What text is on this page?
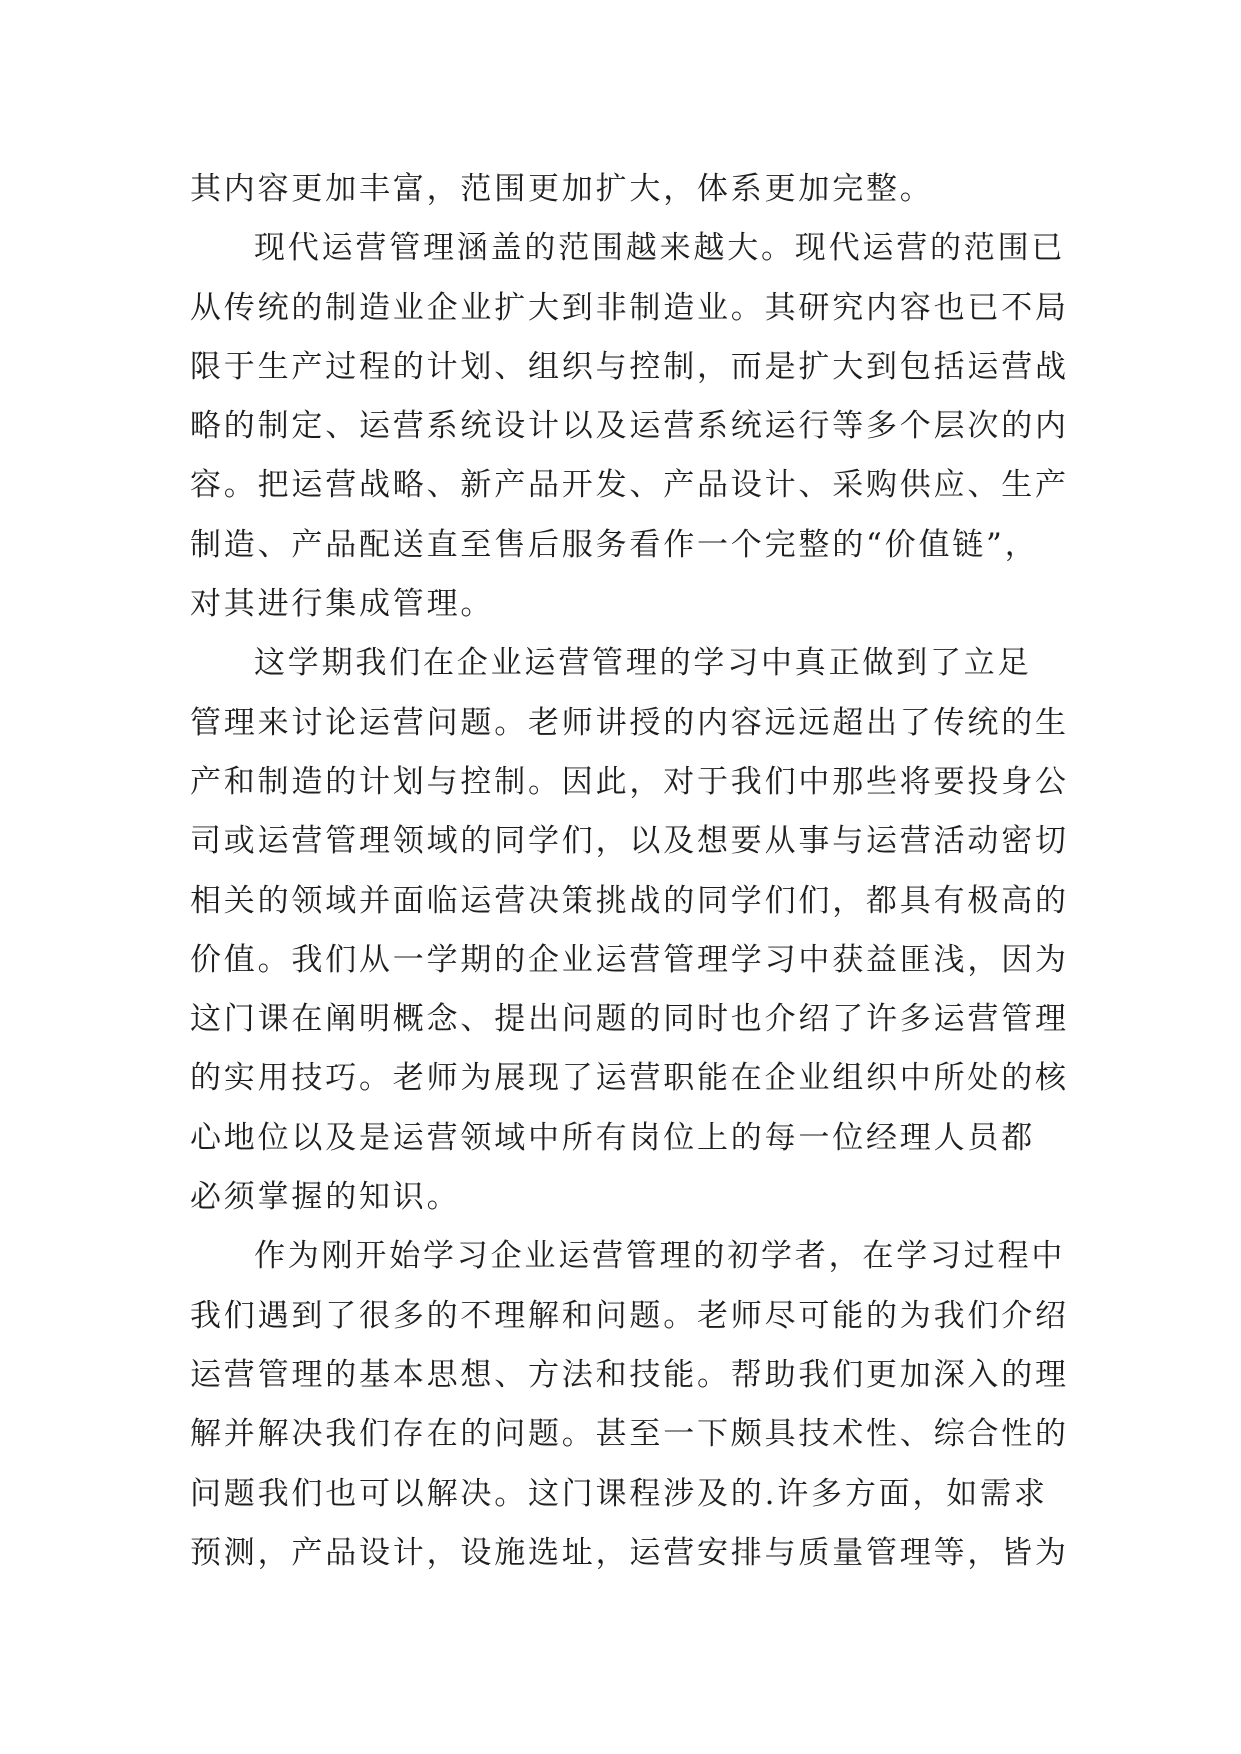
其内容更加丰富，范围更加扩大，体系更加完整。
现代运营管理涵盖的范围越来越大。现代运营的范围已
从传统的制造业企业扩大到非制造业。其研究内容也已不局
限于生产过程的计划、组织与控制，而是扩大到包括运营战
略的制定、运营系统设计以及运营系统运行等多个层次的内
容。把运营战略、新产品开发、产品设计、采购供应、生产
制造、产品配送直至售后服务看作一个完整的“价值链”，
对其进行集成管理。
这学期我们在企业运营管理的学习中真正做到了立足
管理来讨论运营问题。老师讲授的内容远远超出了传统的生
产和制造的计划与控制。因此，对于我们中那些将要投身公
司或运营管理领域的同学们，以及想要从事与运营活动密切
相关的领域并面临运营决策挑战的同学们们，都具有极高的
价值。我们从一学期的企业运营管理学习中获益匪浅，因为
这门课在阐明概念、提出问题的同时也介绍了许多运营管理
的实用技巧。老师为展现了运营职能在企业组织中所处的核
心地位以及是运营领域中所有岗位上的每一位经理人员都
必须掌握的知识。
作为刚开始学习企业运营管理的初学者，在学习过程中
我们遇到了很多的不理解和问题。老师尽可能的为我们介绍
运营管理的基本思想、方法和技能。帮助我们更加深入的理
解并解决我们存在的问题。甚至一下颇具技术性、综合性的
问题我们也可以解决。这门课程涉及的.许多方面，如需求
预测，产品设计，设施选址，运营安排与质量管理等，皆为
